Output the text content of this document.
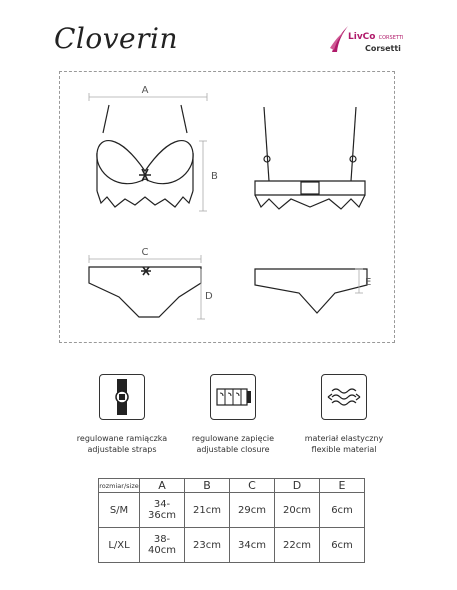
Cloverin	LivCo CORSETTI
Corsetti
A
B
C
D
E
regulowane ramiączka
adjustable straps
regulowane zapięcie
adjustable closure
materiał elastyczny
flexible material
rozmiar/size	A	B	C	D	E
S/M	34-36cm	21cm	29cm	20cm	6cm
L/XL	38-40cm	23cm	34cm	22cm	6cm
